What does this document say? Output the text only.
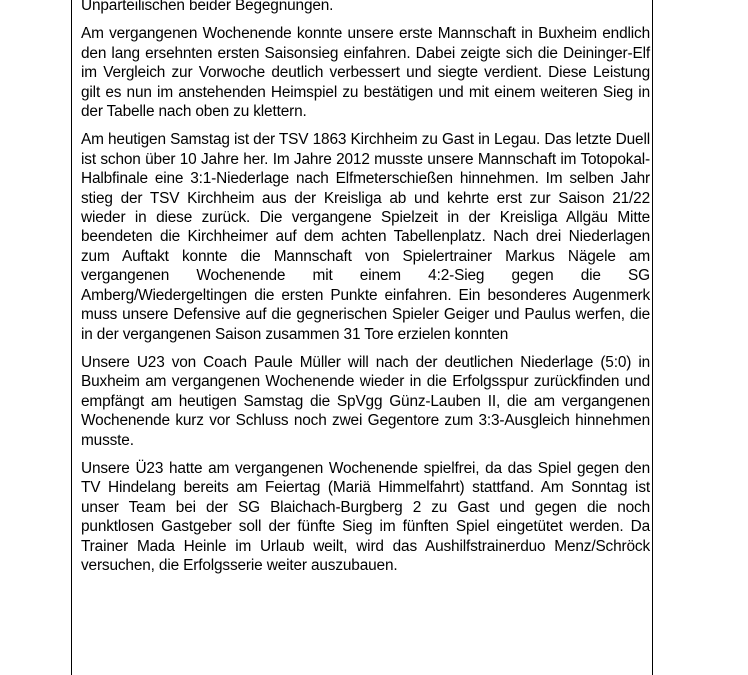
Unparteilischen beider Begegnungen.

Am vergangenen Wochenende konnte unsere erste Mannschaft in Buxheim endlich den lang ersehnten ersten Saisonsieg einfahren. Dabei zeigte sich die Deininger-Elf im Vergleich zur Vorwoche deutlich verbessert und siegte verdient. Diese Leistung gilt es nun im anstehenden Heimspiel zu bestätigen und mit einem weiteren Sieg in der Tabelle nach oben zu klettern.

Am heutigen Samstag ist der TSV 1863 Kirchheim zu Gast in Legau. Das letzte Duell ist schon über 10 Jahre her. Im Jahre 2012 musste unsere Mannschaft im Totopokal-Halbfinale eine 3:1-Niederlage nach Elfmeterschießen hinnehmen. Im selben Jahr stieg der TSV Kirchheim aus der Kreisliga ab und kehrte erst zur Saison 21/22 wieder in diese zurück. Die vergangene Spielzeit in der Kreisliga Allgäu Mitte beendeten die Kirchheimer auf dem achten Tabellenplatz. Nach drei Niederlagen zum Auftakt konnte die Mannschaft von Spielertrainer Markus Nägele am vergangenen Wochenende mit einem 4:2-Sieg gegen die SG Amberg/Wiedergeltingen die ersten Punkte einfahren. Ein besonderes Augenmerk muss unsere Defensive auf die gegnerischen Spieler Geiger und Paulus werfen, die in der vergangenen Saison zusammen 31 Tore erzielen konnten

Unsere U23 von Coach Paule Müller will nach der deutlichen Niederlage (5:0) in Buxheim am vergangenen Wochenende wieder in die Erfolgsspur zurückfinden und empfängt am heutigen Samstag die SpVgg Günz-Lauben II, die am vergangenen Wochenende kurz vor Schluss noch zwei Gegentore zum 3:3-Ausgleich hinnehmen musste.

Unsere Ü23 hatte am vergangenen Wochenende spielfrei, da das Spiel gegen den TV Hindelang bereits am Feiertag (Mariä Himmelfahrt) stattfand. Am Sonntag ist unser Team bei der SG Blaichach-Burgberg 2 zu Gast und gegen die noch punktlosen Gastgeber soll der fünfte Sieg im fünften Spiel eingetütet werden. Da Trainer Mada Heinle im Urlaub weilt, wird das Aushilfstrainerduo Menz/Schröck versuchen, die Erfolgsserie weiter auszubauen.
